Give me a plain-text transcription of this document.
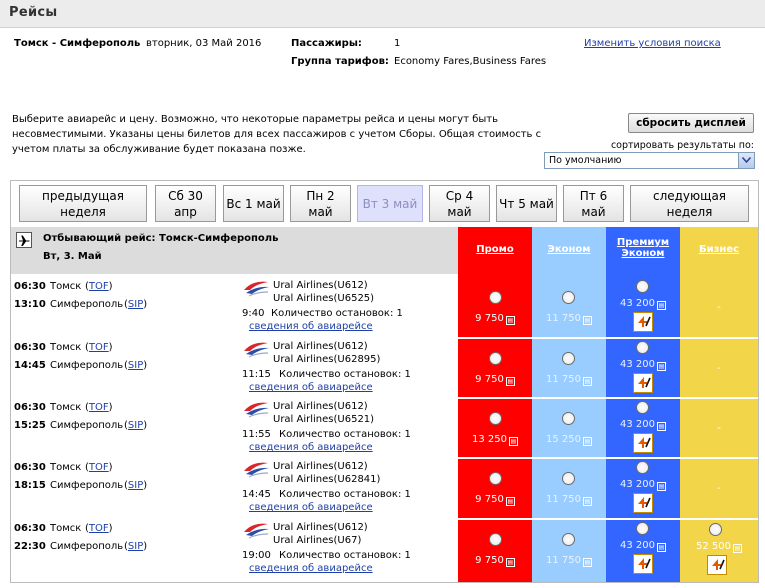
Рейсы
Томск - Симферополь вторник, 03 Май 2016	Пассажиры:	1
Группа тарифов: Economy Fares,Business Fares
Изменить условия поиска
Выберите авиарейс и цену. Возможно, что некоторые параметры рейса и цены могут быть несовместимыми. Указаны цены билетов для всех пассажиров с учетом Сборы. Общая стоимость с учетом платы за обслуживание будет показана позже.
сбросить дисплей
сортировать результаты по:
По умолчанию
предыдущая неделя
Сб 30 апр
Вс 1 май
Пн 2 май
Вт 3 май
Ср 4 май
Чт 5 май
Пт 6 май
следующая неделя
Отбывающий рейс: Томск-Симферополь
Вт, 3. Май
Промо	Эконом
Премиум Эконом	Бизнес
06:30 Томск (TOF)
13:10 Симферополь (SIP)
Ural Airlines(U612)
Ural Airlines(U6525)
9:40 Количество остановок: 1
сведения об авиарейсе
9 750 ▤	11 750 ▤
43 200 ▤	-
06:30 Томск (TOF)
14:45 Симферополь (SIP)
Ural Airlines(U612)
Ural Airlines(U62895)
11:15 Количество остановок: 1
сведения об авиарейсе
9 750 ▤	11 750 ▤
43 200 ▤	-
06:30 Томск (TOF)
15:25 Симферополь (SIP)
Ural Airlines(U612)
Ural Airlines(U6521)
11:55 Количество остановок: 1
сведения об авиарейсе
13 250 ▤	15 250 ▤
43 200 ▤	-
06:30 Томск (TOF)
18:15 Симферополь (SIP)
Ural Airlines(U612)
Ural Airlines(U62841)
14:45 Количество остановок: 1
сведения об авиарейсе
9 750 ▤	11 750 ▤
43 200 ▤	-
06:30 Томск (TOF)
22:30 Симферополь (SIP)
Ural Airlines(U612)
Ural Airlines(U67)
19:00 Количество остановок: 1
сведения об авиарейсе
9 750 ▤	11 750 ▤
43 200 ▤	52 500 ▤
